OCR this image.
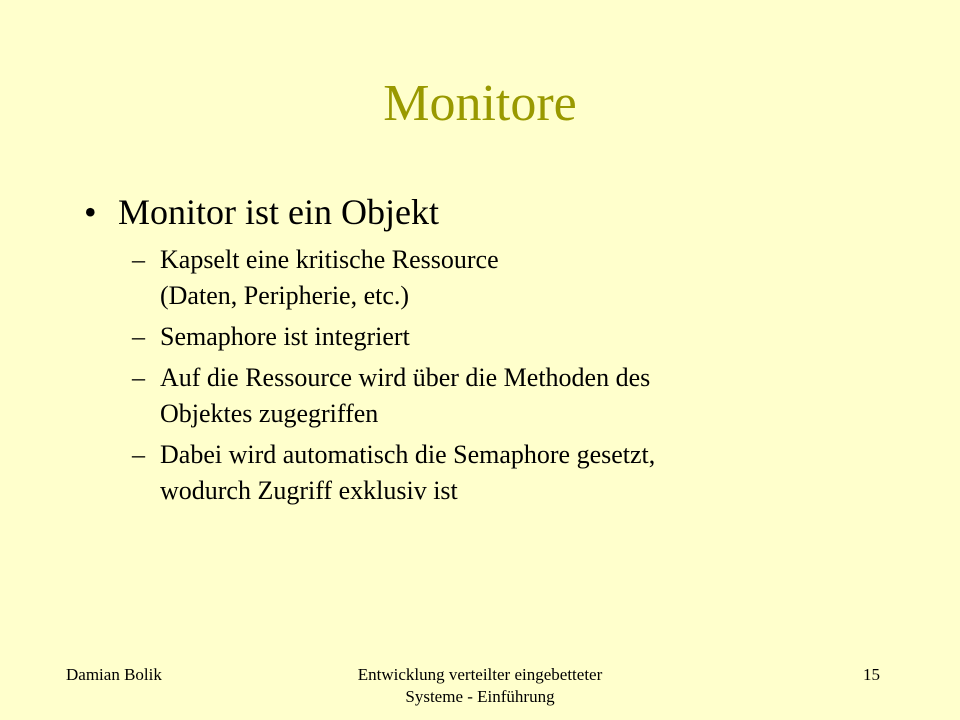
Monitore
• Monitor ist ein Objekt
– Kapselt eine kritische Ressource
(Daten, Peripherie, etc.)
– Semaphore ist integriert
– Auf die Ressource wird über die Methoden des
Objektes zugegriffen
– Dabei wird automatisch die Semaphore gesetzt,
wodurch Zugriff exklusiv ist
Damian Bolik	Entwicklung verteilter eingebetteter
Systeme - Einführung
15
